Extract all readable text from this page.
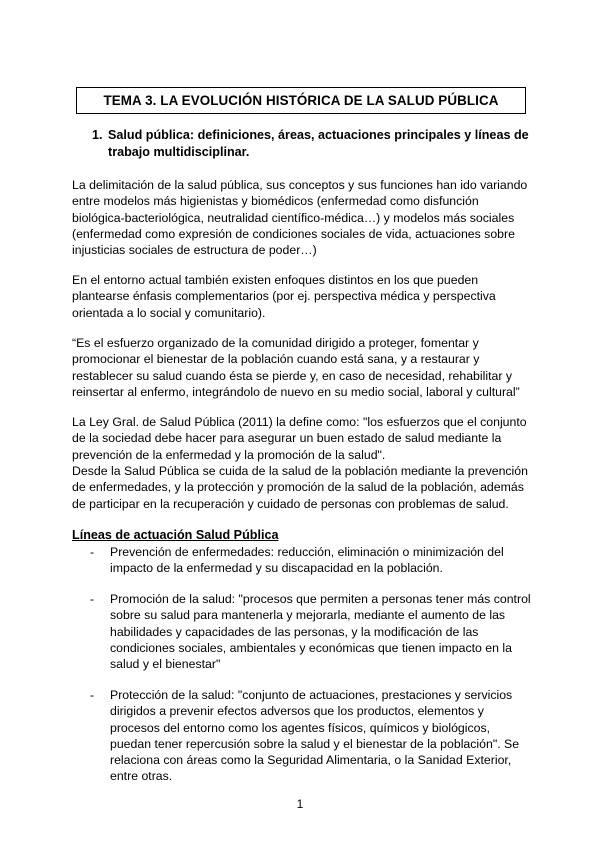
TEMA 3. LA EVOLUCIÓN HISTÓRICA DE LA SALUD PÚBLICA
1. Salud pública: definiciones, áreas, actuaciones principales y líneas de trabajo multidisciplinar.
La delimitación de la salud pública, sus conceptos y sus funciones han ido variando entre modelos más higienistas y biomédicos (enfermedad como disfunción biológica-bacteriológica, neutralidad científico-médica…) y modelos más sociales (enfermedad como expresión de condiciones sociales de vida, actuaciones sobre injusticias sociales de estructura de poder…)
En el entorno actual también existen enfoques distintos en los que pueden plantearse énfasis complementarios (por ej. perspectiva médica y perspectiva orientada a lo social y comunitario).
“Es el esfuerzo organizado de la comunidad dirigido a proteger, fomentar y promocionar el bienestar de la población cuando está sana, y a restaurar y restablecer su salud cuando ésta se pierde y, en caso de necesidad, rehabilitar y reinsertar al enfermo, integrándolo de nuevo en su medio social, laboral y cultural”
La Ley Gral. de Salud Pública (2011) la define como: "los esfuerzos que el conjunto de la sociedad debe hacer para asegurar un buen estado de salud mediante la prevención de la enfermedad y la promoción de la salud".
Desde la Salud Pública se cuida de la salud de la población mediante la prevención de enfermedades, y la protección y promoción de la salud de la población, además de participar en la recuperación y cuidado de personas con problemas de salud.
Líneas de actuación Salud Pública
-	Prevención de enfermedades: reducción, eliminación o minimización del impacto de la enfermedad y su discapacidad en la población.
-	Promoción de la salud: "procesos que permiten a personas tener más control sobre su salud para mantenerla y mejorarla, mediante el aumento de las habilidades y capacidades de las personas, y la modificación de las condiciones sociales, ambientales y económicas que tienen impacto en la salud y el bienestar"
-	Protección de la salud: "conjunto de actuaciones, prestaciones y servicios dirigidos a prevenir efectos adversos que los productos, elementos y procesos del entorno como los agentes físicos, químicos y biológicos, puedan tener repercusión sobre la salud y el bienestar de la población". Se relaciona con áreas como la Seguridad Alimentaria, o la Sanidad Exterior, entre otras.
1
